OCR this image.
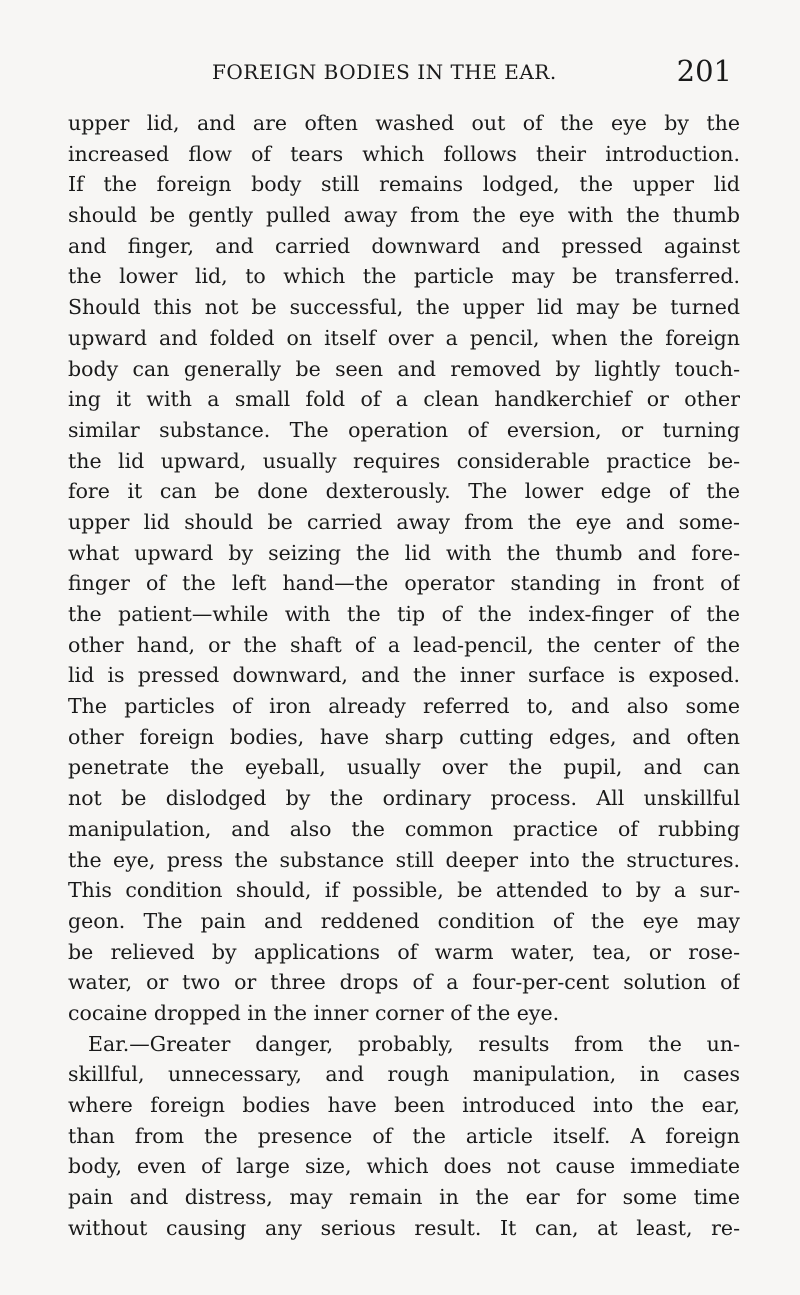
FOREIGN BODIES IN THE EAR.	201
upper lid, and are often washed out of the eye by the
increased flow of tears which follows their introduction.
If the foreign body still remains lodged, the upper lid
should be gently pulled away from the eye with the thumb
and finger, and carried downward and pressed against
the lower lid, to which the particle may be transferred.
Should this not be successful, the upper lid may be turned
upward and folded on itself over a pencil, when the foreign
body can generally be seen and removed by lightly touch-
ing it with a small fold of a clean handkerchief or other
similar substance. The operation of eversion, or turning
the lid upward, usually requires considerable practice be-
fore it can be done dexterously. The lower edge of the
upper lid should be carried away from the eye and some-
what upward by seizing the lid with the thumb and fore-
finger of the left hand—the operator standing in front of
the patient—while with the tip of the index-finger of the
other hand, or the shaft of a lead-pencil, the center of the
lid is pressed downward, and the inner surface is exposed.
The particles of iron already referred to, and also some
other foreign bodies, have sharp cutting edges, and often
penetrate the eyeball, usually over the pupil, and can
not be dislodged by the ordinary process. All unskillful
manipulation, and also the common practice of rubbing
the eye, press the substance still deeper into the structures.
This condition should, if possible, be attended to by a sur-
geon. The pain and reddened condition of the eye may
be relieved by applications of warm water, tea, or rose-
water, or two or three drops of a four-per-cent solution of
cocaine dropped in the inner corner of the eye.
Ear.—Greater danger, probably, results from the un-
skillful, unnecessary, and rough manipulation, in cases
where foreign bodies have been introduced into the ear,
than from the presence of the article itself. A foreign
body, even of large size, which does not cause immediate
pain and distress, may remain in the ear for some time
without causing any serious result. It can, at least, re-
